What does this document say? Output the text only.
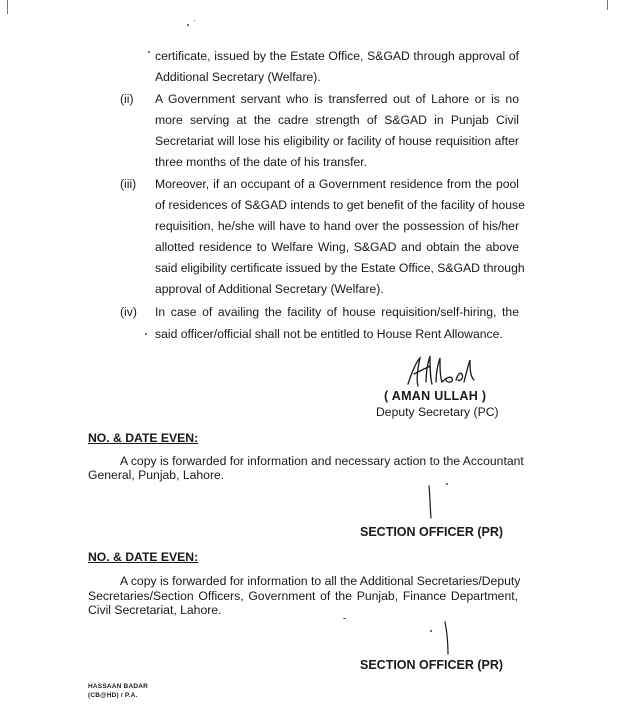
certificate, issued by the Estate Office, S&GAD through approval of
Additional Secretary (Welfare).
(ii)	A Government servant who is transferred out of Lahore or is no
more serving at the cadre strength of S&GAD in Punjab Civil
Secretariat will lose his eligibility or facility of house requisition after
three months of the date of his transfer.
(iii)	Moreover, if an occupant of a Government residence from the pool
of residences of S&GAD intends to get benefit of the facility of house
requisition, he/she will have to hand over the possession of his/her
allotted residence to Welfare Wing, S&GAD and obtain the above
said eligibility certificate issued by the Estate Office, S&GAD through
approval of Additional Secretary (Welfare).
(iv)	In case of availing the facility of house requisition/self-hiring, the
said officer/official shall not be entitled to House Rent Allowance.
( AMAN ULLAH )
Deputy Secretary (PC)
NO. & DATE EVEN:
A copy is forwarded for information and necessary action to the Accountant
General, Punjab, Lahore.
SECTION OFFICER (PR)
NO. & DATE EVEN:
A copy is forwarded for information to all the Additional Secretaries/Deputy
Secretaries/Section Officers, Government of the Punjab, Finance Department,
Civil Secretariat, Lahore.
SECTION OFFICER (PR)
HASSAAN BADAR
(CB@HD) / P.A.
